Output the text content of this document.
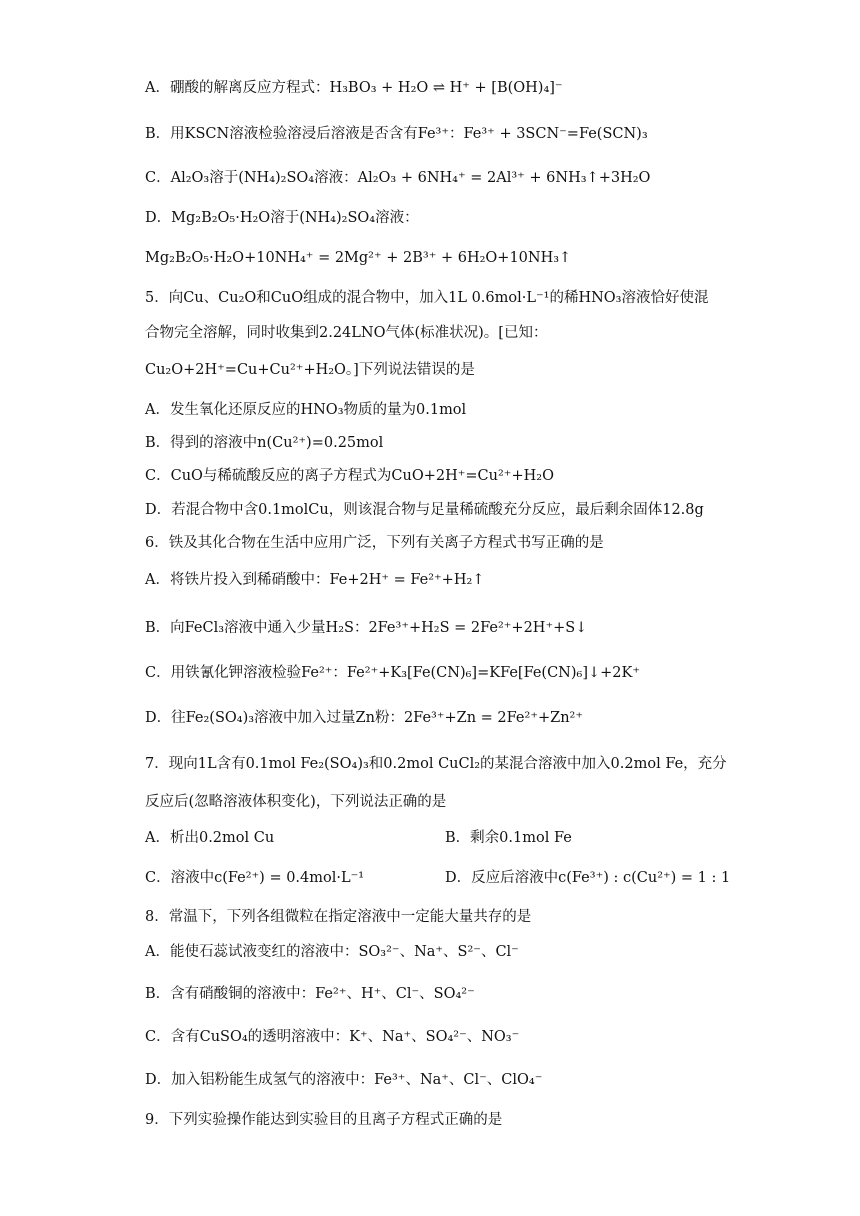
A．硼酸的解离反应方程式：H₃BO₃ + H₂O ⇌ H⁺ + [B(OH)₄]⁻
B．用KSCN溶液检验溶浸后溶液是否含有Fe³⁺：Fe³⁺ + 3SCN⁻=Fe(SCN)₃
C．Al₂O₃溶于(NH₄)₂SO₄溶液：Al₂O₃ + 6NH₄⁺ = 2Al³⁺ + 6NH₃↑+3H₂O
D．Mg₂B₂O₅·H₂O溶于(NH₄)₂SO₄溶液：
Mg₂B₂O₅·H₂O+10NH₄⁺ = 2Mg²⁺ + 2B³⁺ + 6H₂O+10NH₃↑
5．向Cu、Cu₂O和CuO组成的混合物中，加入1L 0.6mol·L⁻¹的稀HNO₃溶液恰好使混
合物完全溶解，同时收集到2.24LNO气体(标准状况)。[已知：
Cu₂O+2H⁺=Cu+Cu²⁺+H₂O。]下列说法错误的是
A．发生氧化还原反应的HNO₃物质的量为0.1mol
B．得到的溶液中n(Cu²⁺)=0.25mol
C．CuO与稀硫酸反应的离子方程式为CuO+2H⁺=Cu²⁺+H₂O
D．若混合物中含0.1molCu，则该混合物与足量稀硫酸充分反应，最后剩余固体12.8g
6．铁及其化合物在生活中应用广泛，下列有关离子方程式书写正确的是
A．将铁片投入到稀硝酸中：Fe+2H⁺ = Fe²⁺+H₂↑
B．向FeCl₃溶液中通入少量H₂S：2Fe³⁺+H₂S = 2Fe²⁺+2H⁺+S↓
C．用铁氰化钾溶液检验Fe²⁺：Fe²⁺+K₃[Fe(CN)₆]=KFe[Fe(CN)₆]↓+2K⁺
D．往Fe₂(SO₄)₃溶液中加入过量Zn粉：2Fe³⁺+Zn = 2Fe²⁺+Zn²⁺
7．现向1L含有0.1mol Fe₂(SO₄)₃和0.2mol CuCl₂的某混合溶液中加入0.2mol Fe，充分
反应后(忽略溶液体积变化)，下列说法正确的是
A．析出0.2mol Cu	B．剩余0.1mol Fe
C．溶液中c(Fe²⁺) = 0.4mol·L⁻¹	D．反应后溶液中c(Fe³⁺) : c(Cu²⁺) = 1 : 1
8．常温下，下列各组微粒在指定溶液中一定能大量共存的是
A．能使石蕊试液变红的溶液中：SO₃²⁻、Na⁺、S²⁻、Cl⁻
B．含有硝酸铜的溶液中：Fe²⁺、H⁺、Cl⁻、SO₄²⁻
C．含有CuSO₄的透明溶液中：K⁺、Na⁺、SO₄²⁻、NO₃⁻
D．加入铝粉能生成氢气的溶液中：Fe³⁺、Na⁺、Cl⁻、ClO₄⁻
9．下列实验操作能达到实验目的且离子方程式正确的是
